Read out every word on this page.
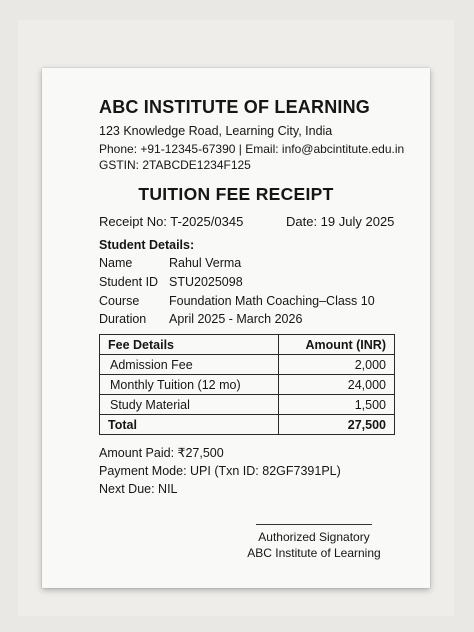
ABC INSTITUTE OF LEARNING
123 Knowledge Road, Learning City, India
Phone: +91-12345-67390 | Email: info@abcintitute.edu.in
GSTIN: 2TABCDE1234F125
TUITION FEE RECEIPT
Receipt No: T-2025/0345	Date: 19 July 2025
Student Details:
Name	Rahul Verma
Student ID STU2025098
Course Foundation Math Coaching–Class 10
Duration April 2025 - March 2026
Fee Details	Amount (INR)
Admission Fee	2,000
Monthly Tuition (12 mo)	24,000
Study Material	1,500
Total	27,500
Amount Paid: ₹27,500
Payment Mode: UPI (Txn ID: 82GF7391PL)
Next Due: NIL
Authorized Signatory
ABC Institute of Learning
